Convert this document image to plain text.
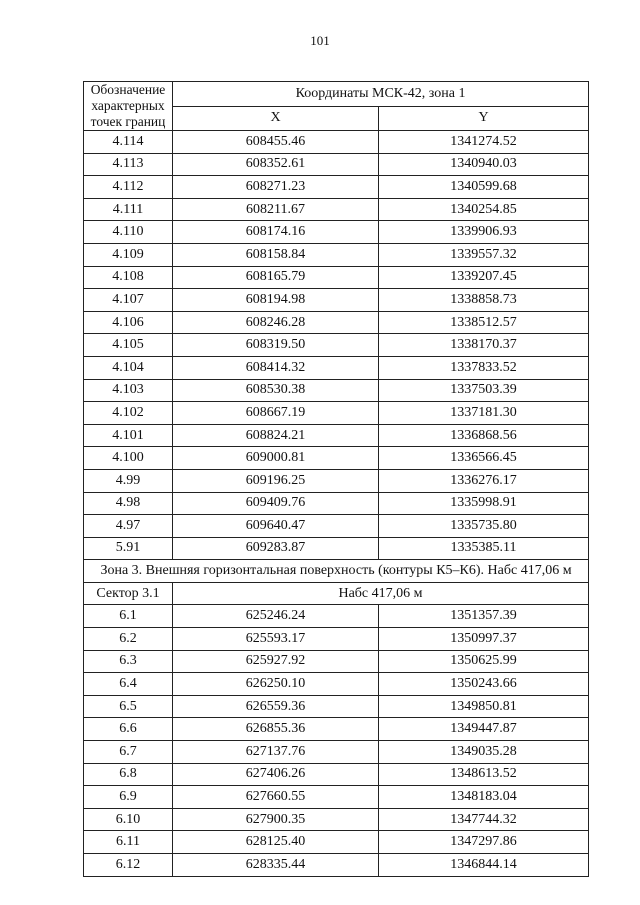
101
Обозначение
характерных
точек границ	Координаты МСК-42, зона 1	
	X	Y
4.114	608455.46	1341274.52
4.113	608352.61	1340940.03
4.112	608271.23	1340599.68
4.111	608211.67	1340254.85
4.110	608174.16	1339906.93
4.109	608158.84	1339557.32
4.108	608165.79	1339207.45
4.107	608194.98	1338858.73
4.106	608246.28	1338512.57
4.105	608319.50	1338170.37
4.104	608414.32	1337833.52
4.103	608530.38	1337503.39
4.102	608667.19	1337181.30
4.101	608824.21	1336868.56
4.100	609000.81	1336566.45
4.99	609196.25	1336276.17
4.98	609409.76	1335998.91
4.97	609640.47	1335735.80
5.91	609283.87	1335385.11
Зона 3. Внешняя горизонтальная поверхность (контуры К5–К6). Набс 417,06 м		
Сектор 3.1	Набс 417,06 м	
6.1	625246.24	1351357.39
6.2	625593.17	1350997.37
6.3	625927.92	1350625.99
6.4	626250.10	1350243.66
6.5	626559.36	1349850.81
6.6	626855.36	1349447.87
6.7	627137.76	1349035.28
6.8	627406.26	1348613.52
6.9	627660.55	1348183.04
6.10	627900.35	1347744.32
6.11	628125.40	1347297.86
6.12	628335.44	1346844.14
